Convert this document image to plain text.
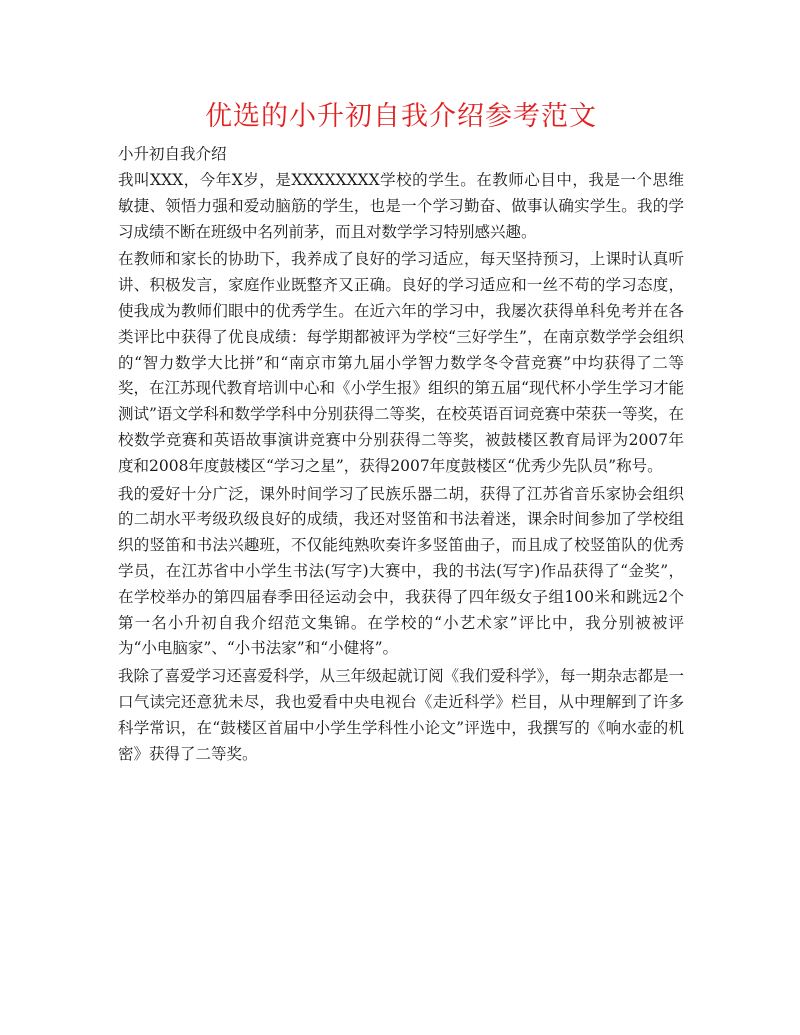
优选的小升初自我介绍参考范文
小升初自我介绍

我叫XXX，今年X岁，是XXXXXXXX学校的学生。在教师心目中，我是一个思维敏捷、领悟力强和爱动脑筋的学生，也是一个学习勤奋、做事认确实学生。我的学习成绩不断在班级中名列前茅，而且对数学学习特别感兴趣。

在教师和家长的协助下，我养成了良好的学习适应，每天坚持预习，上课时认真听讲、积极发言，家庭作业既整齐又正确。良好的学习适应和一丝不苟的学习态度，使我成为教师们眼中的优秀学生。在近六年的学习中，我屡次获得单科免考并在各类评比中获得了优良成绩：每学期都被评为学校“三好学生”，在南京数学学会组织的“智力数学大比拼”和“南京市第九届小学智力数学冬令营竞赛”中均获得了二等奖，在江苏现代教育培训中心和《小学生报》组织的第五届“现代杯小学生学习才能测试”语文学科和数学学科中分别获得二等奖，在校英语百词竞赛中荣获一等奖，在校数学竞赛和英语故事演讲竞赛中分别获得二等奖，被鼓楼区教育局评为2007年度和2008年度鼓楼区“学习之星”，获得2007年度鼓楼区“优秀少先队员”称号。

我的爱好十分广泛，课外时间学习了民族乐器二胡，获得了江苏省音乐家协会组织的二胡水平考级玖级良好的成绩，我还对竖笛和书法着迷，课余时间参加了学校组织的竖笛和书法兴趣班，不仅能纯熟吹奏许多竖笛曲子，而且成了校竖笛队的优秀学员，在江苏省中小学生书法(写字)大赛中，我的书法(写字)作品获得了“金奖”，在学校举办的第四届春季田径运动会中，我获得了四年级女子组100米和跳远2个第一名小升初自我介绍范文集锦。在学校的“小艺术家”评比中，我分别被被评为“小电脑家”、“小书法家”和“小健将”。

我除了喜爱学习还喜爱科学，从三年级起就订阅《我们爱科学》，每一期杂志都是一口气读完还意犹未尽，我也爱看中央电视台《走近科学》栏目，从中理解到了许多科学常识，在“鼓楼区首届中小学生学科性小论文”评选中，我撰写的《响水壶的机密》获得了二等奖。
